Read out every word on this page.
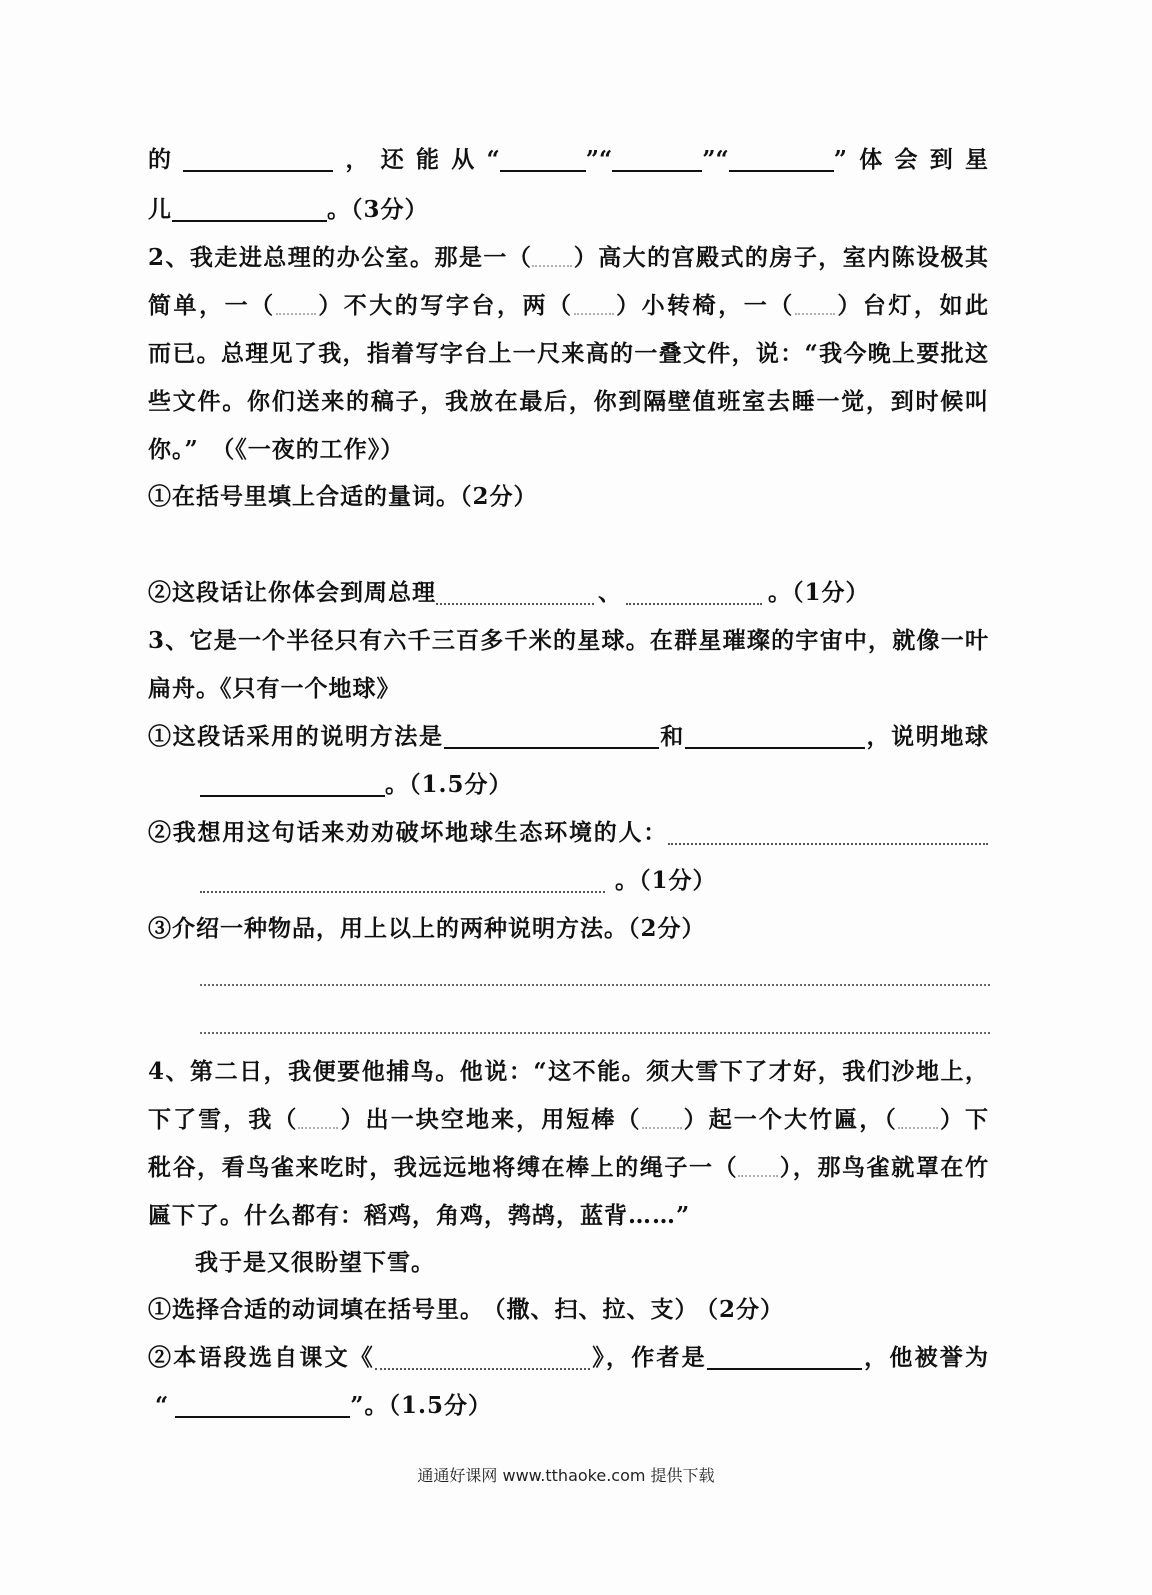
的	，还能从“	”“	”“	”体会到星
儿	。（3分）
2、我走进总理的办公室。那是一（ ）高大的宫殿式的房子，室内陈设极其
简单，一（ ）不大的写字台，两（ ）小转椅，一（ ）台灯，如此
而已。总理见了我，指着写字台上一尺来高的一叠文件，说：“我今晚上要批这
些文件。你们送来的稿子，我放在最后，你到隔壁值班室去睡一觉，到时候叫
你。”　（《一夜的工作》）
①在括号里填上合适的量词。（2分）
②这段话让你体会到周总理	、	。（1分）
3、它是一个半径只有六千三百多千米的星球。在群星璀璨的宇宙中，就像一叶
扁舟。《只有一个地球》
①这段话采用的说明方法是	和	，说明地球
。（1.5分）
②我想用这句话来劝劝破坏地球生态环境的人：
。（1分）
③介绍一种物品，用上以上的两种说明方法。（2分）
4、第二日，我便要他捕鸟。他说：“这不能。须大雪下了才好，我们沙地上，
下了雪，我（ ）出一块空地来，用短棒（ ）起一个大竹匾，（ ）下
秕谷，看鸟雀来吃时，我远远地将缚在棒上的绳子一（ ），那鸟雀就罩在竹
匾下了。什么都有：稻鸡，角鸡，鹁鸪，蓝背……”
我于是又很盼望下雪。
①选择合适的动词填在括号里。 （撒、扫、拉、支） （2分）
②本语段选自课文《	》，作者是	，他被誉为
“	”。（1.5分）
通通好课网 www.tthaoke.com 提供下载
